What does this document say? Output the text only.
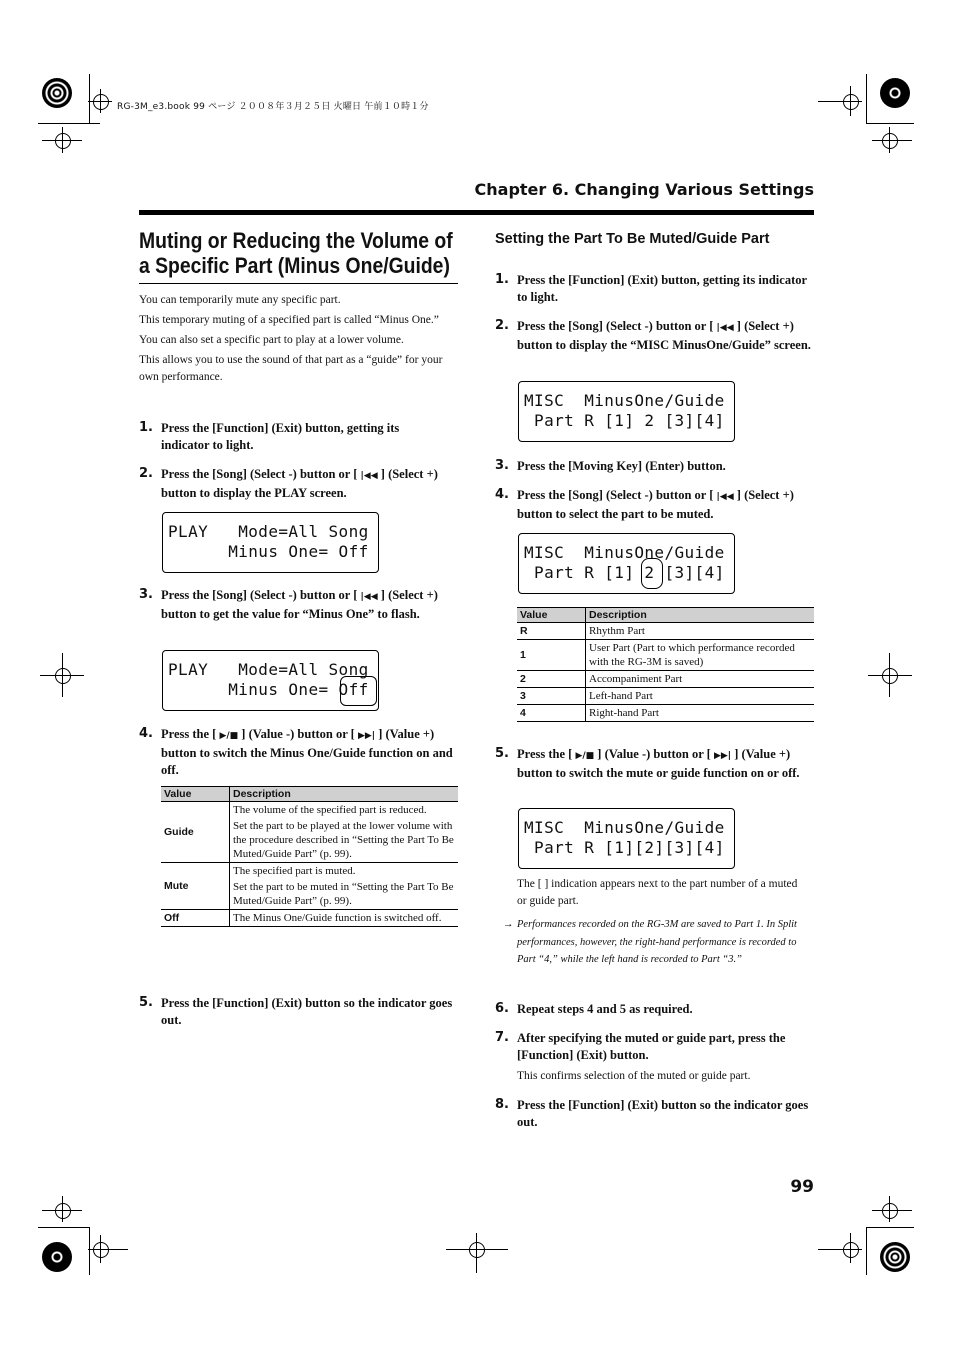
RG-3M_e3.book 99 ページ ２００８年３月２５日 火曜日 午前１０時１分
Chapter 6. Changing Various Settings
Muting or Reducing the Volume of
a Specific Part (Minus One/Guide)
You can temporarily mute any specific part.
This temporary muting of a specified part is called “Minus One.”
You can also set a specific part to play at a lower volume.
This allows you to use the sound of that part as a “guide” for your own performance.
1. Press the [Function] (Exit) button, getting its indicator to light.
2. Press the [Song] (Select -) button or [ |◀◀ ] (Select +) button to display the PLAY screen.
PLAY   Mode=All Song
Minus One= Off
3. Press the [Song] (Select -) button or [ |◀◀ ] (Select +) button to get the value for “Minus One” to flash.
PLAY   Mode=All Song
Minus One= Off
4. Press the [ ▶/■ ] (Value -) button or [ ▶▶| ] (Value +) button to switch the Minus One/Guide function on and off.
Value	Description
Guide	The volume of the specified part is reduced.
Set the part to be played at the lower volume with the procedure described in “Setting the Part To Be Muted/Guide Part” (p. 99).

Mute	The specified part is muted.
Set the part to be muted in “Setting the Part To Be Muted/Guide Part” (p. 99).

Off	The Minus One/Guide function is switched off.
5. Press the [Function] (Exit) button so the indicator goes out.
Setting the Part To Be Muted/Guide Part
1. Press the [Function] (Exit) button, getting its indicator to light.
2. Press the [Song] (Select -) button or [ |◀◀ ] (Select +) button to display the “MISC MinusOne/Guide” screen.
MISC  MinusOne/Guide
Part R [1] 2 [3][4]
3. Press the [Moving Key] (Enter) button.
4. Press the [Song] (Select -) button or [ |◀◀ ] (Select +) button to select the part to be muted.
MISC  MinusOne/Guide
Part R [1] 2 [3][4]
Value	Description
R	Rhythm Part
1	User Part (Part to which performance recorded with the RG-3M is saved)
2	Accompaniment Part
3	Left-hand Part
4	Right-hand Part
5. Press the [ ▶/■ ] (Value -) button or [ ▶▶| ] (Value +) button to switch the mute or guide function on or off.
MISC  MinusOne/Guide
Part R [1][2][3][4]
The [ ] indication appears next to the part number of a muted or guide part.
→ Performances recorded on the RG-3M are saved to Part 1. In Split performances, however, the right-hand performance is recorded to Part “4,” while the left hand is recorded to Part “3.”
6. Repeat steps 4 and 5 as required.
7. After specifying the muted or guide part, press the [Function] (Exit) button.
This confirms selection of the muted or guide part.
8. Press the [Function] (Exit) button so the indicator goes out.
99
